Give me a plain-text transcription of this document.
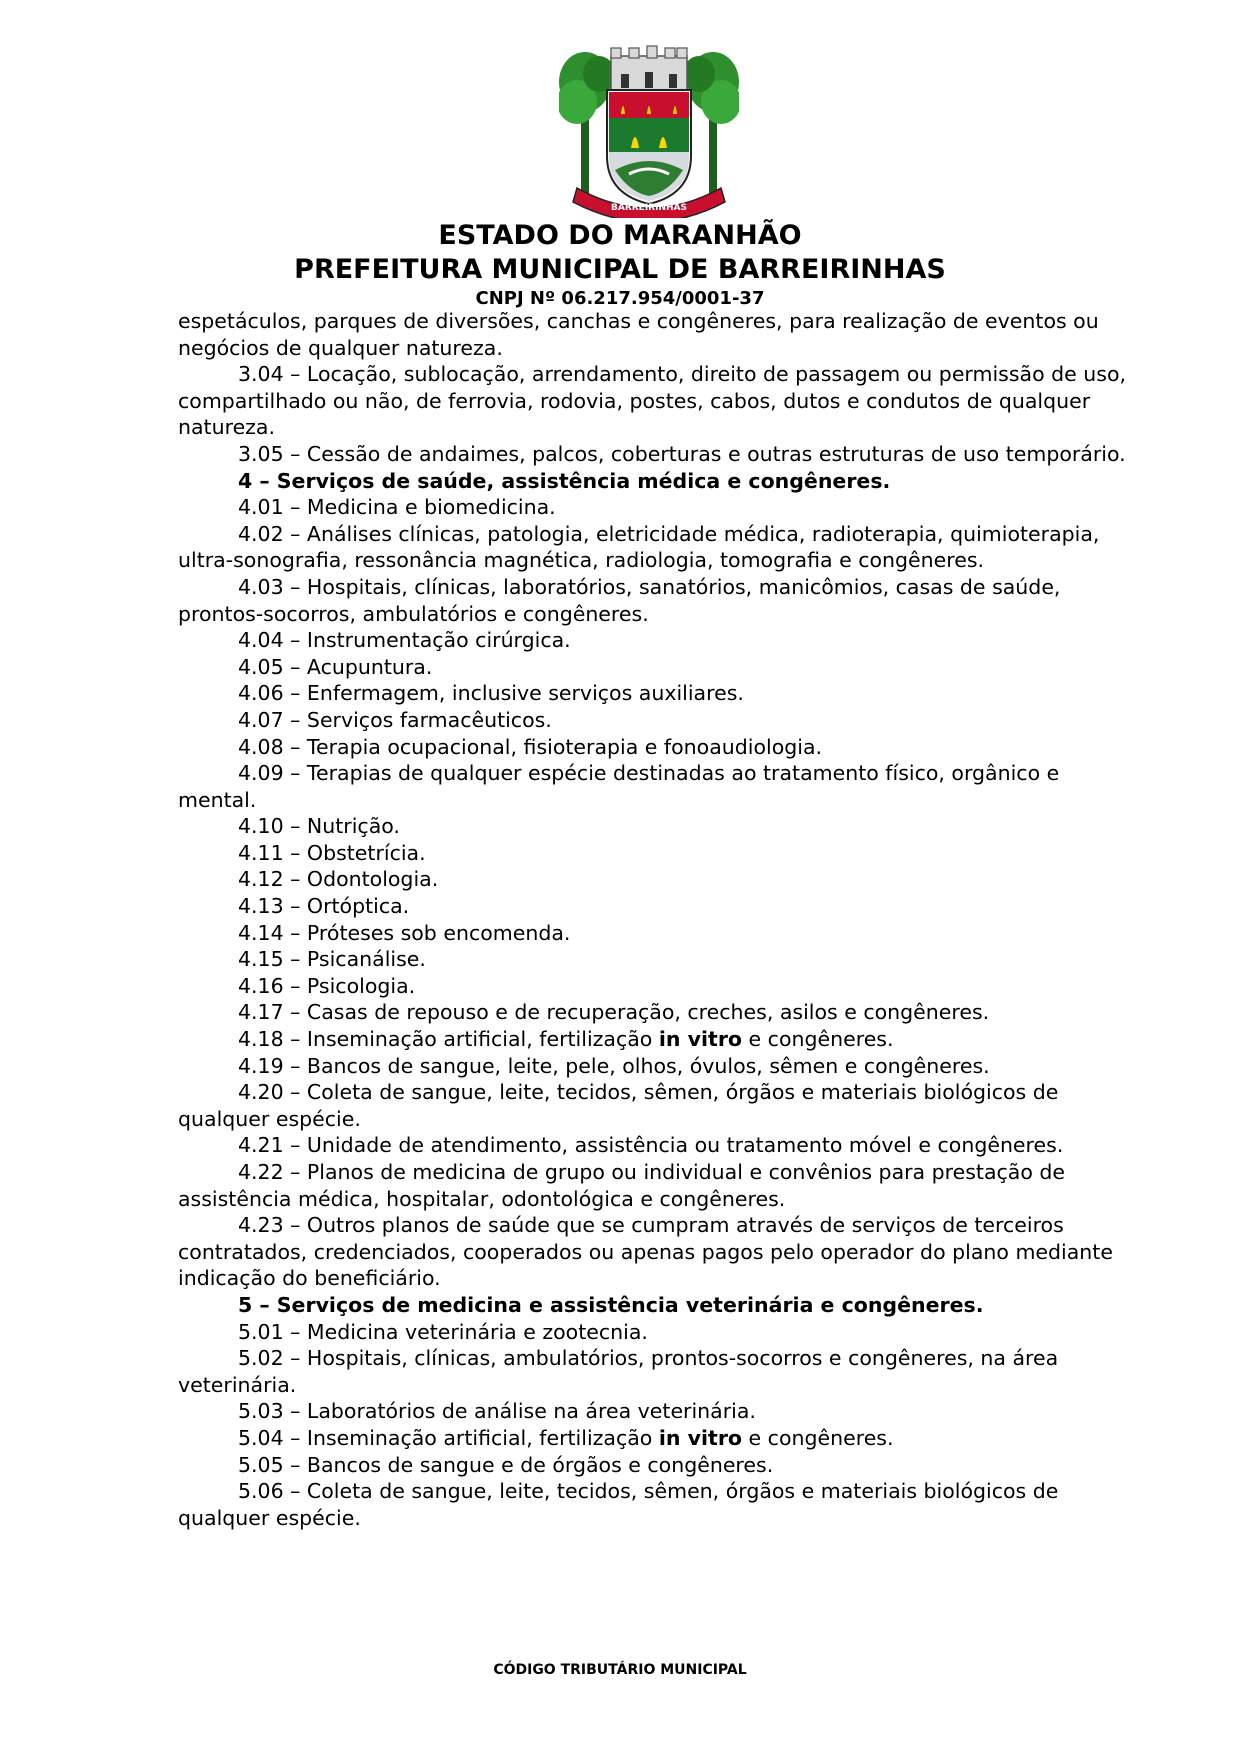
BARREIRINHAS
ESTADO DO MARANHÃO
PREFEITURA MUNICIPAL DE BARREIRINHAS
CNPJ Nº 06.217.954/0001-37

espetáculos, parques de diversões, canchas e congêneres, para realização de eventos ou negócios de qualquer natureza.

3.04 – Locação, sublocação, arrendamento, direito de passagem ou permissão de uso, compartilhado ou não, de ferrovia, rodovia, postes, cabos, dutos e condutos de qualquer natureza.

3.05 – Cessão de andaimes, palcos, coberturas e outras estruturas de uso temporário.

4 – Serviços de saúde, assistência médica e congêneres.

4.01 – Medicina e biomedicina.

4.02 – Análises clínicas, patologia, eletricidade médica, radioterapia, quimioterapia, ultra-sonografia, ressonância magnética, radiologia, tomografia e congêneres.

4.03 – Hospitais, clínicas, laboratórios, sanatórios, manicômios, casas de saúde, prontos-socorros, ambulatórios e congêneres.

4.04 – Instrumentação cirúrgica.

4.05 – Acupuntura.

4.06 – Enfermagem, inclusive serviços auxiliares.

4.07 – Serviços farmacêuticos.

4.08 – Terapia ocupacional, fisioterapia e fonoaudiologia.

4.09 – Terapias de qualquer espécie destinadas ao tratamento físico, orgânico e mental.

4.10 – Nutrição.

4.11 – Obstetrícia.

4.12 – Odontologia.

4.13 – Ortóptica.

4.14 – Próteses sob encomenda.

4.15 – Psicanálise.

4.16 – Psicologia.

4.17 – Casas de repouso e de recuperação, creches, asilos e congêneres.

4.18 – Inseminação artificial, fertilização in vitro e congêneres.

4.19 – Bancos de sangue, leite, pele, olhos, óvulos, sêmen e congêneres.

4.20 – Coleta de sangue, leite, tecidos, sêmen, órgãos e materiais biológicos de qualquer espécie.

4.21 – Unidade de atendimento, assistência ou tratamento móvel e congêneres.

4.22 – Planos de medicina de grupo ou individual e convênios para prestação de assistência médica, hospitalar, odontológica e congêneres.

4.23 – Outros planos de saúde que se cumpram através de serviços de terceiros contratados, credenciados, cooperados ou apenas pagos pelo operador do plano mediante indicação do beneficiário.

5 – Serviços de medicina e assistência veterinária e congêneres.

5.01 – Medicina veterinária e zootecnia.

5.02 – Hospitais, clínicas, ambulatórios, prontos-socorros e congêneres, na área veterinária.

5.03 – Laboratórios de análise na área veterinária.

5.04 – Inseminação artificial, fertilização in vitro e congêneres.

5.05 – Bancos de sangue e de órgãos e congêneres.

5.06 – Coleta de sangue, leite, tecidos, sêmen, órgãos e materiais biológicos de qualquer espécie.

CÓDIGO TRIBUTÁRIO MUNICIPAL
